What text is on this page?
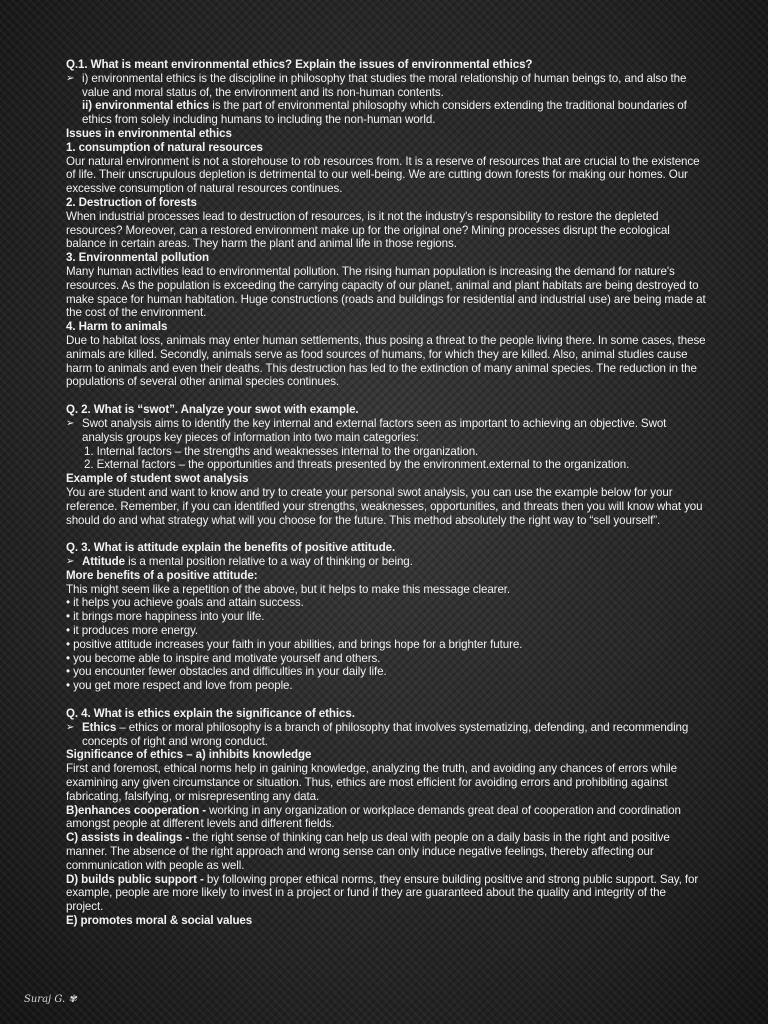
Q.1. What is meant environmental ethics? Explain the issues of environmental ethics?

➢ i) environmental ethics is the discipline in philosophy that studies the moral relationship of human beings to, and also the value and moral status of, the environment and its non-human contents.
ii) environmental ethics is the part of environmental philosophy which considers extending the traditional boundaries of ethics from solely including humans to including the non-human world.

Issues in environmental ethics

1. consumption of natural resources

Our natural environment is not a storehouse to rob resources from. It is a reserve of resources that are crucial to the existence of life. Their unscrupulous depletion is detrimental to our well-being. We are cutting down forests for making our homes. Our excessive consumption of natural resources continues.

2. Destruction of forests

When industrial processes lead to destruction of resources, is it not the industry's responsibility to restore the depleted resources? Moreover, can a restored environment make up for the original one? Mining processes disrupt the ecological balance in certain areas. They harm the plant and animal life in those regions.

3. Environmental pollution

Many human activities lead to environmental pollution. The rising human population is increasing the demand for nature's resources. As the population is exceeding the carrying capacity of our planet, animal and plant habitats are being destroyed to make space for human habitation. Huge constructions (roads and buildings for residential and industrial use) are being made at the cost of the environment.

4. Harm to animals

Due to habitat loss, animals may enter human settlements, thus posing a threat to the people living there. In some cases, these animals are killed. Secondly, animals serve as food sources of humans, for which they are killed. Also, animal studies cause harm to animals and even their deaths. This destruction has led to the extinction of many animal species. The reduction in the populations of several other animal species continues.

Q. 2. What is “swot”. Analyze your swot with example.

➢ Swot analysis aims to identify the key internal and external factors seen as important to achieving an objective. Swot analysis groups key pieces of information into two main categories:
1. Internal factors – the strengths and weaknesses internal to the organization.
2. External factors – the opportunities and threats presented by the environment.external to the organization.

Example of student swot analysis

You are student and want to know and try to create your personal swot analysis, you can use the example below for your reference. Remember, if you can identified your strengths, weaknesses, opportunities, and threats then you will know what you should do and what strategy what will you choose for the future. This method absolutely the right way to “sell yourself”.

Q. 3. What is attitude explain the benefits of positive attitude.

➢ Attitude is a mental position relative to a way of thinking or being.

More benefits of a positive attitude:

This might seem like a repetition of the above, but it helps to make this message clearer.

• it helps you achieve goals and attain success.

• it brings more happiness into your life.

• it produces more energy.

• positive attitude increases your faith in your abilities, and brings hope for a brighter future.

• you become able to inspire and motivate yourself and others.

• you encounter fewer obstacles and difficulties in your daily life.

• you get more respect and love from people.

Q. 4. What is ethics explain the significance of ethics.

➢ Ethics – ethics or moral philosophy is a branch of philosophy that involves systematizing, defending, and recommending concepts of right and wrong conduct.

Significance of ethics – a) inhibits knowledge

First and foremost, ethical norms help in gaining knowledge, analyzing the truth, and avoiding any chances of errors while examining any given circumstance or situation. Thus, ethics are most efficient for avoiding errors and prohibiting against fabricating, falsifying, or misrepresenting any data.

B)enhances cooperation - working in any organization or workplace demands great deal of cooperation and coordination amongst people at different levels and different fields.

C) assists in dealings - the right sense of thinking can help us deal with people on a daily basis in the right and positive manner. The absence of the right approach and wrong sense can only induce negative feelings, thereby affecting our communication with people as well.

D) builds public support - by following proper ethical norms, they ensure building positive and strong public support. Say, for example, people are more likely to invest in a project or fund if they are guaranteed about the quality and integrity of the project.

E) promotes moral & social values

Suraj G. ✾
